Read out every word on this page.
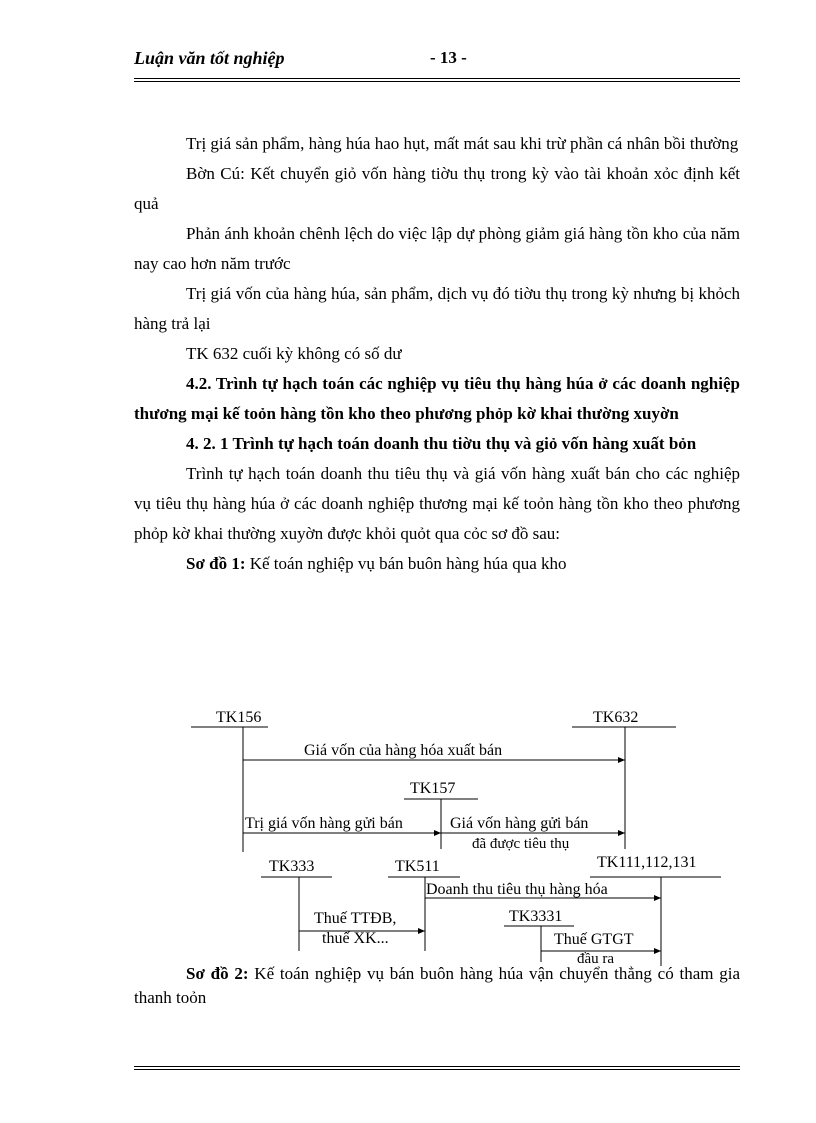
Luận văn tốt nghiệp	- 13 -

Trị giá sản phẩm, hàng húa hao hụt, mất mát sau khi trừ phần cá nhân bồi thường

Bờn Cú: Kết chuyển giỏ vốn hàng tiờu thụ trong kỳ vào tài khoản xỏc định kết quả

Phản ánh khoản chênh lệch do việc lập dự phòng giảm giá hàng tồn kho của năm nay cao hơn năm trước

Trị giá vốn của hàng húa, sản phẩm, dịch vụ đó tiờu thụ trong kỳ nhưng bị khỏch hàng trả lại

TK 632 cuối kỳ không có số dư

4.2. Trình tự hạch toán các nghiệp vụ tiêu thụ hàng húa ở các doanh nghiệp thương mại kế toỏn hàng tồn kho theo phương phỏp kờ khai thường xuyờn

4. 2. 1 Trình tự hạch toán doanh thu tiờu thụ và giỏ vốn hàng xuất bỏn

Trình tự hạch toán doanh thu tiêu thụ và giá vốn hàng xuất bán cho các nghiệp vụ tiêu thụ hàng húa ở các doanh nghiệp thương mại kế toỏn hàng tồn kho theo phương phỏp kờ khai thường xuyờn được khỏi quỏt qua cỏc sơ đồ sau:

Sơ đồ 1: Kế toán nghiệp vụ bán buôn hàng húa qua kho

TK156	TK632
TK157
TK333	TK511	TK111,112,131
TK3331
Giá vốn của hàng hóa xuất bán
Trị giá vốn hàng gửi bán	Giá vốn hàng gửi bán
đã được tiêu thụ
Doanh thu tiêu thụ hàng hóa
Thuế TTĐB,
thuế XK...	Thuế GTGT
đầu ra

Sơ đồ 2: Kế toán nghiệp vụ bán buôn hàng húa vận chuyển thẳng có tham gia thanh toỏn
